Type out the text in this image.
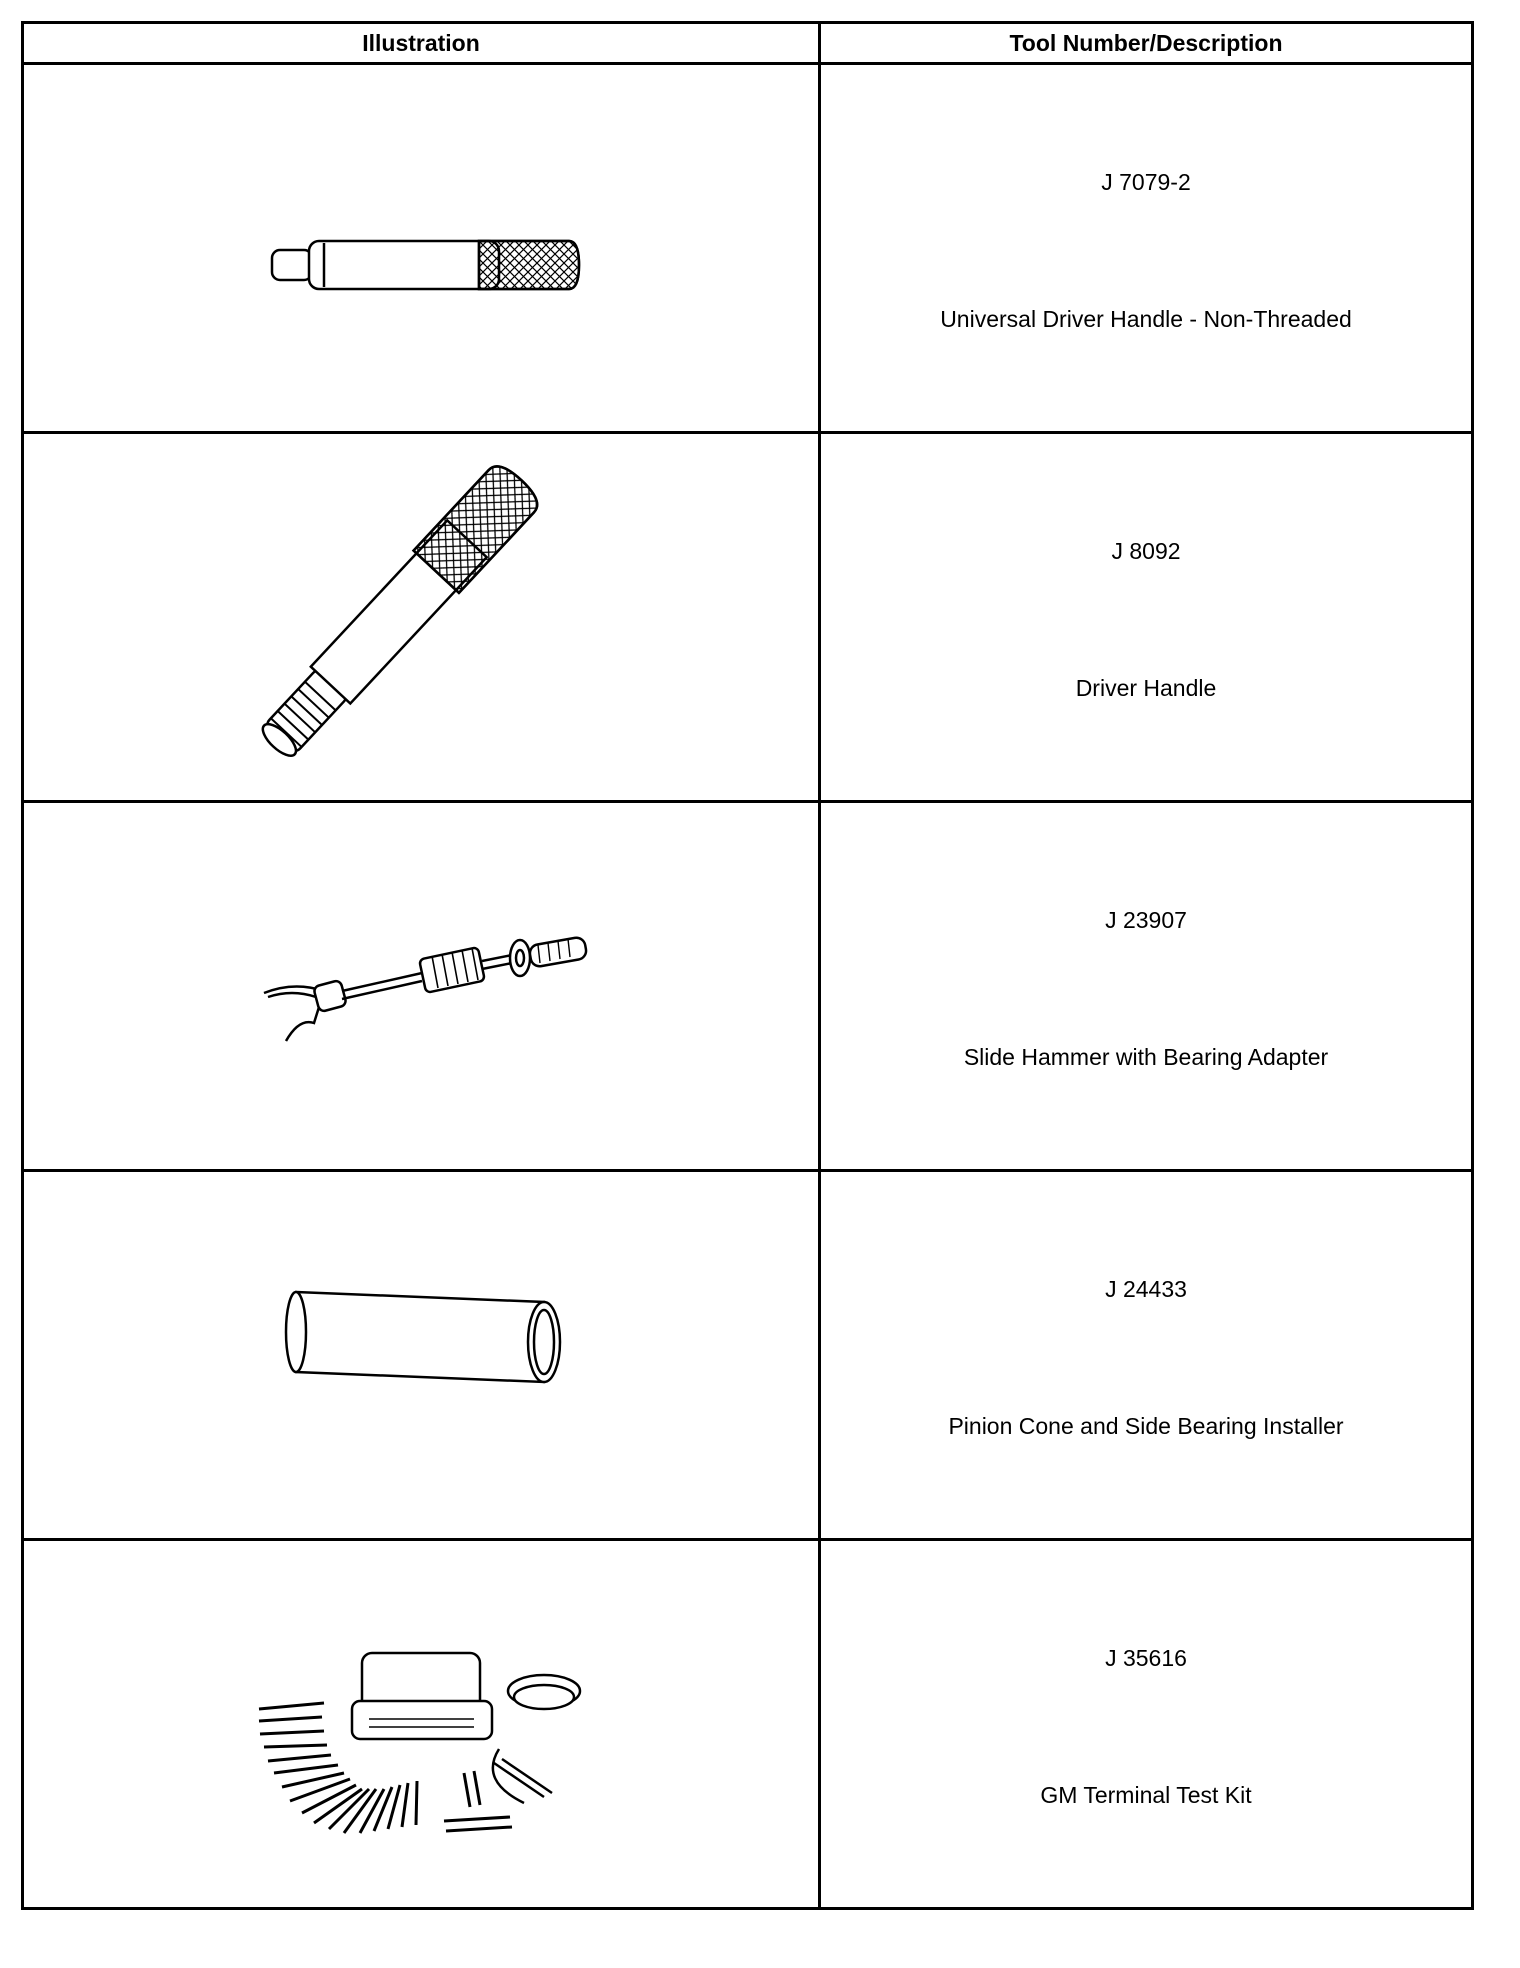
Illustration	Tool Number/Description

J 7079-2
Universal Driver Handle - Non-Threaded

J 8092
Driver Handle

J 23907
Slide Hammer with Bearing Adapter

J 24433
Pinion Cone and Side Bearing Installer

J 35616
GM Terminal Test Kit
